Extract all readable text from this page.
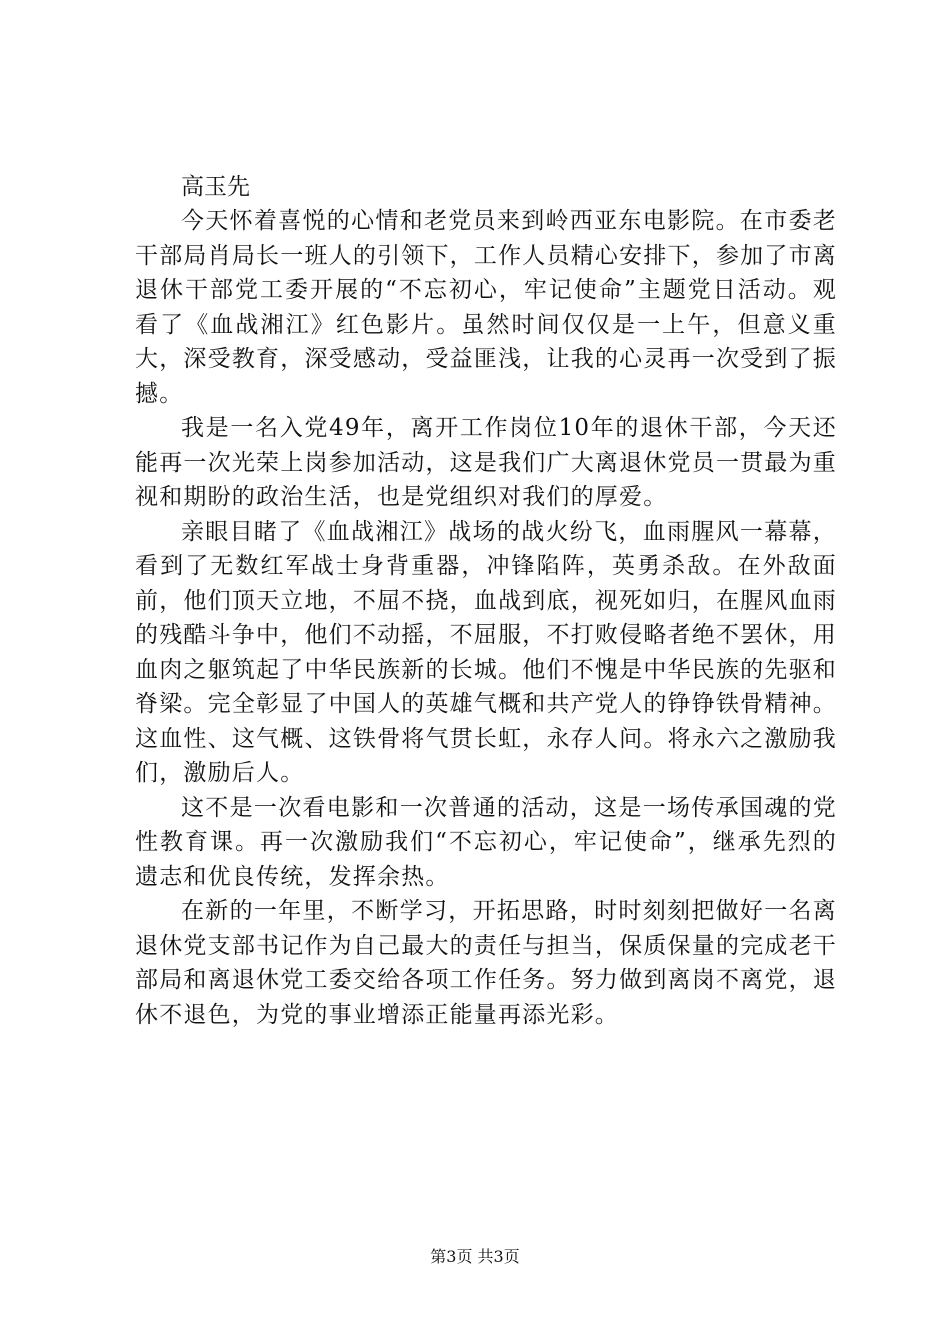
高玉先

今天怀着喜悦的心情和老党员来到岭西亚东电影院。在市委老干部局肖局长一班人的引领下，工作人员精心安排下，参加了市离退休干部党工委开展的“不忘初心，牢记使命”主题党日活动。观看了《血战湘江》红色影片。虽然时间仅仅是一上午，但意义重大，深受教育，深受感动，受益匪浅，让我的心灵再一次受到了振撼。

我是一名入党49年，离开工作岗位10年的退休干部，今天还能再一次光荣上岗参加活动，这是我们广大离退休党员一贯最为重视和期盼的政治生活，也是党组织对我们的厚爱。

亲眼目睹了《血战湘江》战场的战火纷飞，血雨腥风一幕幕，看到了无数红军战士身背重器，冲锋陷阵，英勇杀敌。在外敌面前，他们顶天立地，不屈不挠，血战到底，视死如归，在腥风血雨的残酷斗争中，他们不动摇，不屈服，不打败侵略者绝不罢休，用血肉之躯筑起了中华民族新的长城。他们不愧是中华民族的先驱和脊梁。完全彰显了中国人的英雄气概和共产党人的铮铮铁骨精神。这血性、这气概、这铁骨将气贯长虹，永存人问。将永六之激励我们，激励后人。

这不是一次看电影和一次普通的活动，这是一场传承国魂的党性教育课。再一次激励我们“不忘初心，牢记使命”，继承先烈的遗志和优良传统，发挥余热。

在新的一年里，不断学习，开拓思路，时时刻刻把做好一名离退休党支部书记作为自己最大的责任与担当，保质保量的完成老干部局和离退休党工委交给各项工作任务。努力做到离岗不离党，退休不退色，为党的事业增添正能量再添光彩。

第3页 共3页
